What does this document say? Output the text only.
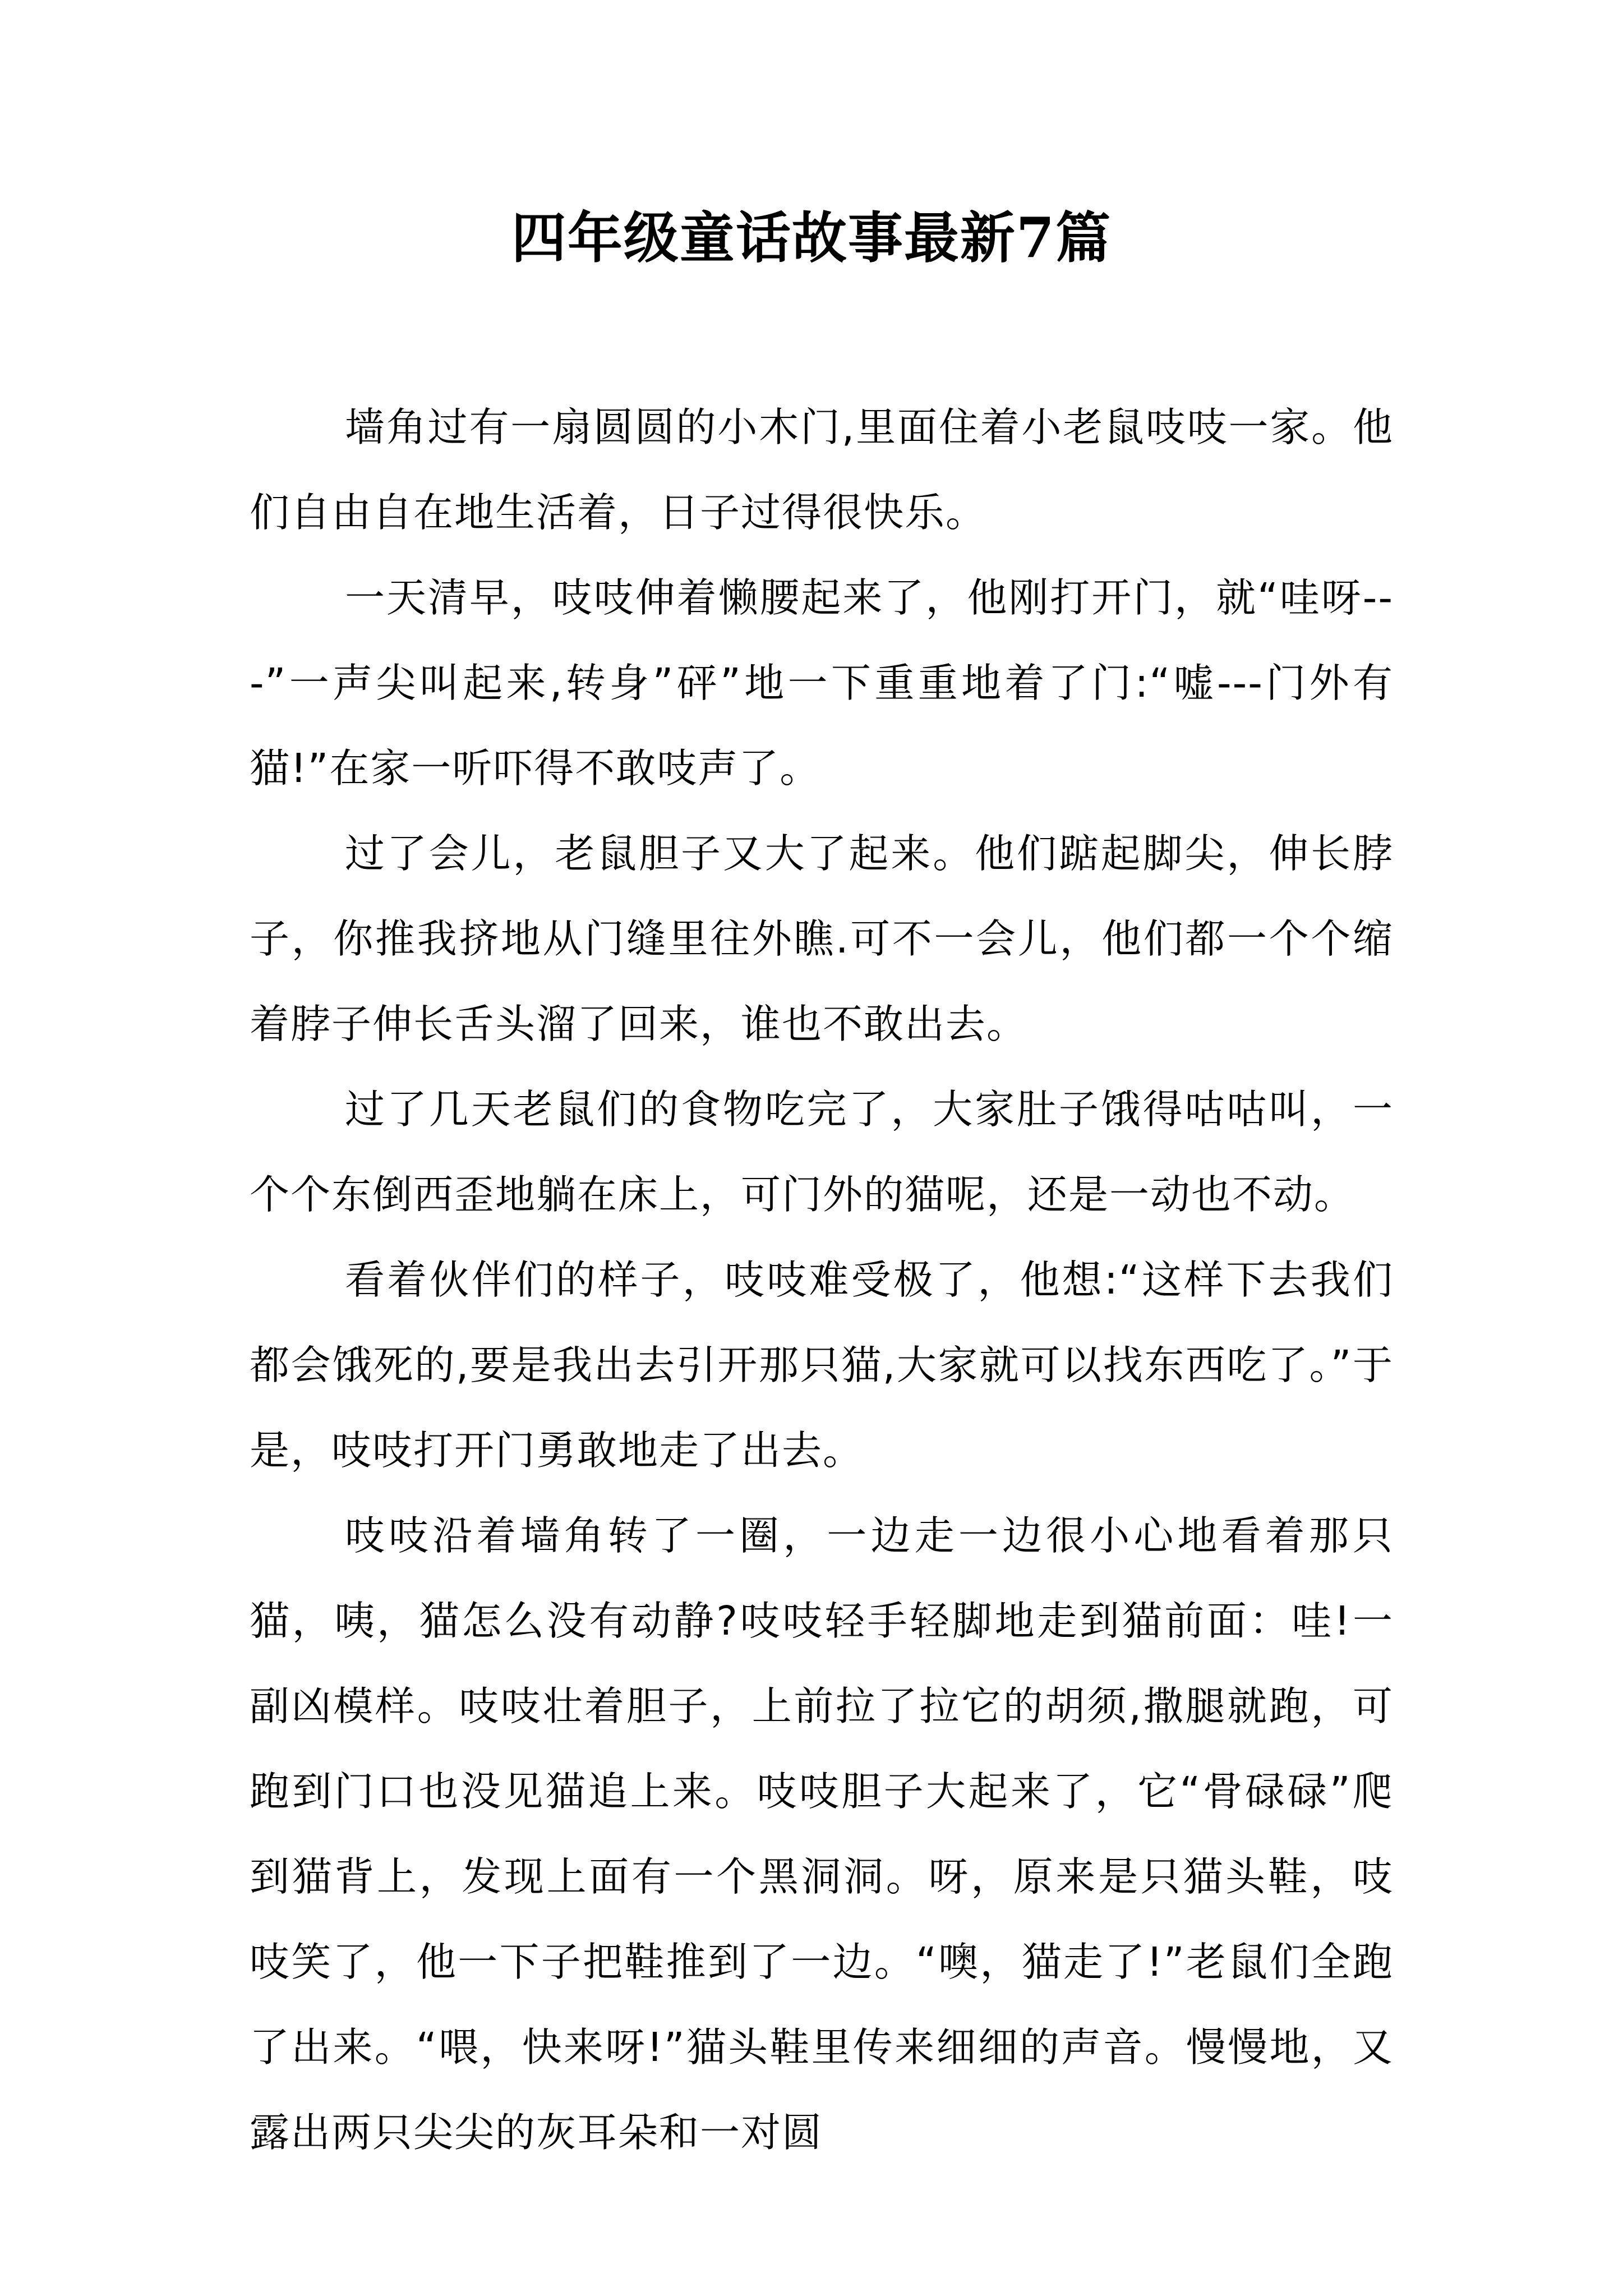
四年级童话故事最新7篇

墙角过有一扇圆圆的小木门,里面住着小老鼠吱吱一家。他们自由自在地生活着，日子过得很快乐。

一天清早，吱吱伸着懒腰起来了，他刚打开门，就“哇呀---”一声尖叫起来,转身”砰”地一下重重地着了门:“嘘---门外有猫!”在家一听吓得不敢吱声了。

过了会儿，老鼠胆子又大了起来。他们踮起脚尖，伸长脖子，你推我挤地从门缝里往外瞧.可不一会儿，他们都一个个缩着脖子伸长舌头溜了回来，谁也不敢出去。

过了几天老鼠们的食物吃完了，大家肚子饿得咕咕叫，一个个东倒西歪地躺在床上，可门外的猫呢，还是一动也不动。

看着伙伴们的样子，吱吱难受极了，他想:“这样下去我们都会饿死的,要是我出去引开那只猫,大家就可以找东西吃了。”于是，吱吱打开门勇敢地走了出去。

吱吱沿着墙角转了一圈，一边走一边很小心地看着那只猫，咦，猫怎么没有动静?吱吱轻手轻脚地走到猫前面：哇!一副凶模样。吱吱壮着胆子，上前拉了拉它的胡须,撒腿就跑，可跑到门口也没见猫追上来。吱吱胆子大起来了，它“骨碌碌”爬到猫背上，发现上面有一个黑洞洞。呀，原来是只猫头鞋，吱吱笑了，他一下子把鞋推到了一边。“噢，猫走了!”老鼠们全跑了出来。“喂，快来呀!”猫头鞋里传来细细的声音。慢慢地，又露出两只尖尖的灰耳朵和一对圆
